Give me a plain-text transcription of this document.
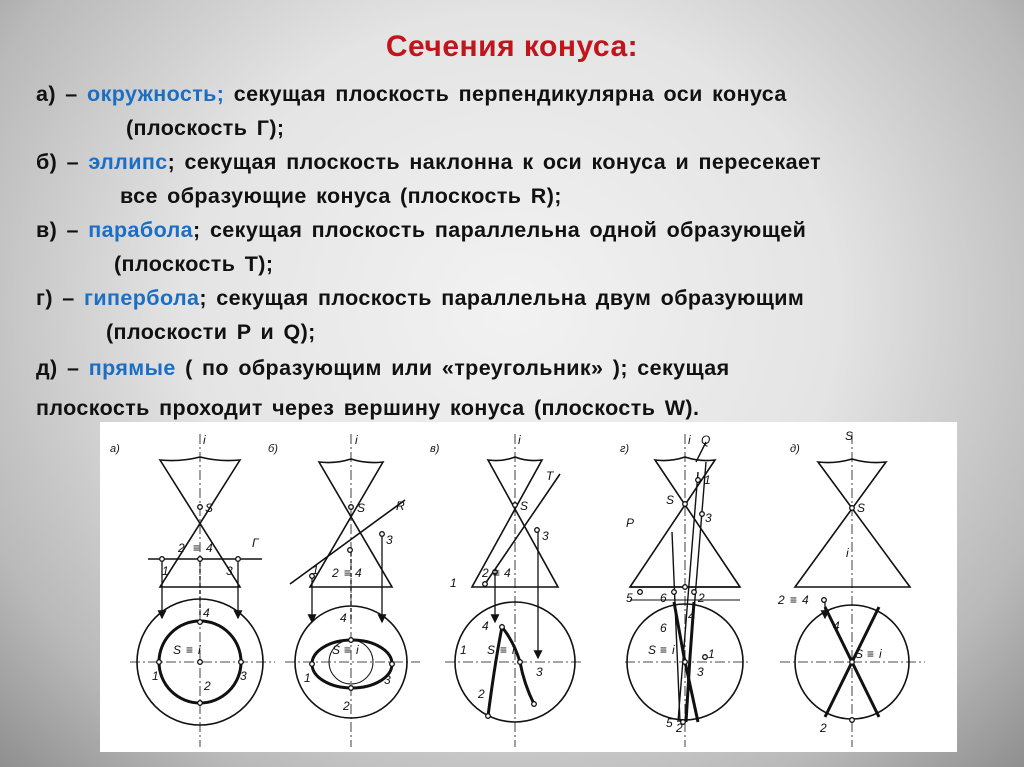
Сечения конуса:
а) – окружность; секущая плоскость перпендикулярна оси конуса
(плоскость Г);
б) – эллипс; секущая плоскость наклонна к оси конуса и пересекает
все образующие конуса (плоскость R);
в) – парабола; секущая плоскость параллельна одной образующей
(плоскость T);
г) – гипербола; секущая плоскость параллельна двум образующим
(плоскости P и Q);
д) – прямые ( по образующим или «треугольник» ); секущая
плоскость проходит через вершину конуса (плоскость W).
а)
i
S
2 ≡ 4	Г
1	3
4
S ≡ i
1	3
2
б)
i
S	R
3
2 ≡ 4
1
4
S ≡ i
1	3
2
в)
i
T
S
3
2 ≡ 4
1
4
1 S ≡ i
3
2
г)
i Q
1
S
3
P
5 6	2
4
6
S ≡ i	1
3
5 2
д)
S
S
i
2 ≡ 4
4
S ≡ i
2
